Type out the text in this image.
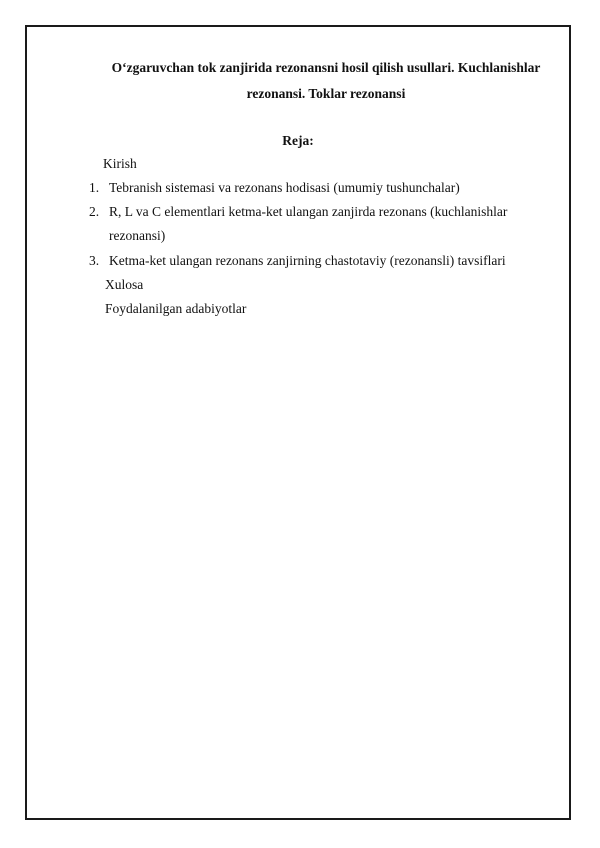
O‘zgaruvchan tok zanjirida rezonansni hosil qilish usullari. Kuchlanishlar
rezonansi. Toklar rezonansi
Reja:
Kirish
1. Tebranish sistemasi va rezonans hodisasi (umumiy tushunchalar)
2. R, L va C elementlari ketma-ket ulangan zanjirda rezonans (kuchlanishlar
rezonansi)
3. Ketma-ket ulangan rezonans zanjirning chastotaviy (rezonansli) tavsiflari
Xulosa
Foydalanilgan adabiyotlar
